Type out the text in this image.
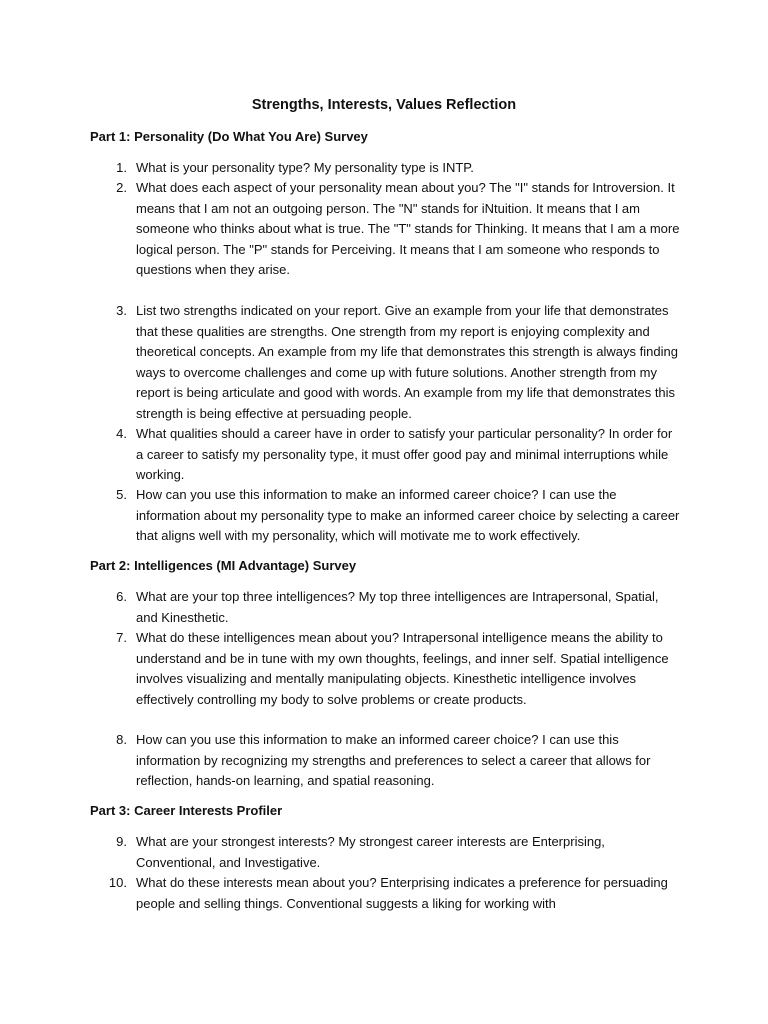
Strengths, Interests, Values Reflection
Part 1: Personality (Do What You Are) Survey
1. What is your personality type? My personality type is INTP.
2. What does each aspect of your personality mean about you? The "I" stands for Introversion. It means that I am not an outgoing person. The "N" stands for iNtuition. It means that I am someone who thinks about what is true. The "T" stands for Thinking. It means that I am a more logical person. The "P" stands for Perceiving. It means that I am someone who responds to questions when they arise.
3. List two strengths indicated on your report. Give an example from your life that demonstrates that these qualities are strengths. One strength from my report is enjoying complexity and theoretical concepts. An example from my life that demonstrates this strength is always finding ways to overcome challenges and come up with future solutions. Another strength from my report is being articulate and good with words. An example from my life that demonstrates this strength is being effective at persuading people.
4. What qualities should a career have in order to satisfy your particular personality? In order for a career to satisfy my personality type, it must offer good pay and minimal interruptions while working.
5. How can you use this information to make an informed career choice? I can use the information about my personality type to make an informed career choice by selecting a career that aligns well with my personality, which will motivate me to work effectively.
Part 2: Intelligences (MI Advantage) Survey
6. What are your top three intelligences? My top three intelligences are Intrapersonal, Spatial, and Kinesthetic.
7. What do these intelligences mean about you? Intrapersonal intelligence means the ability to understand and be in tune with my own thoughts, feelings, and inner self. Spatial intelligence involves visualizing and mentally manipulating objects. Kinesthetic intelligence involves effectively controlling my body to solve problems or create products.
8. How can you use this information to make an informed career choice? I can use this information by recognizing my strengths and preferences to select a career that allows for reflection, hands-on learning, and spatial reasoning.
Part 3: Career Interests Profiler
9. What are your strongest interests? My strongest career interests are Enterprising, Conventional, and Investigative.
10. What do these interests mean about you? Enterprising indicates a preference for persuading people and selling things. Conventional suggests a liking for working with
